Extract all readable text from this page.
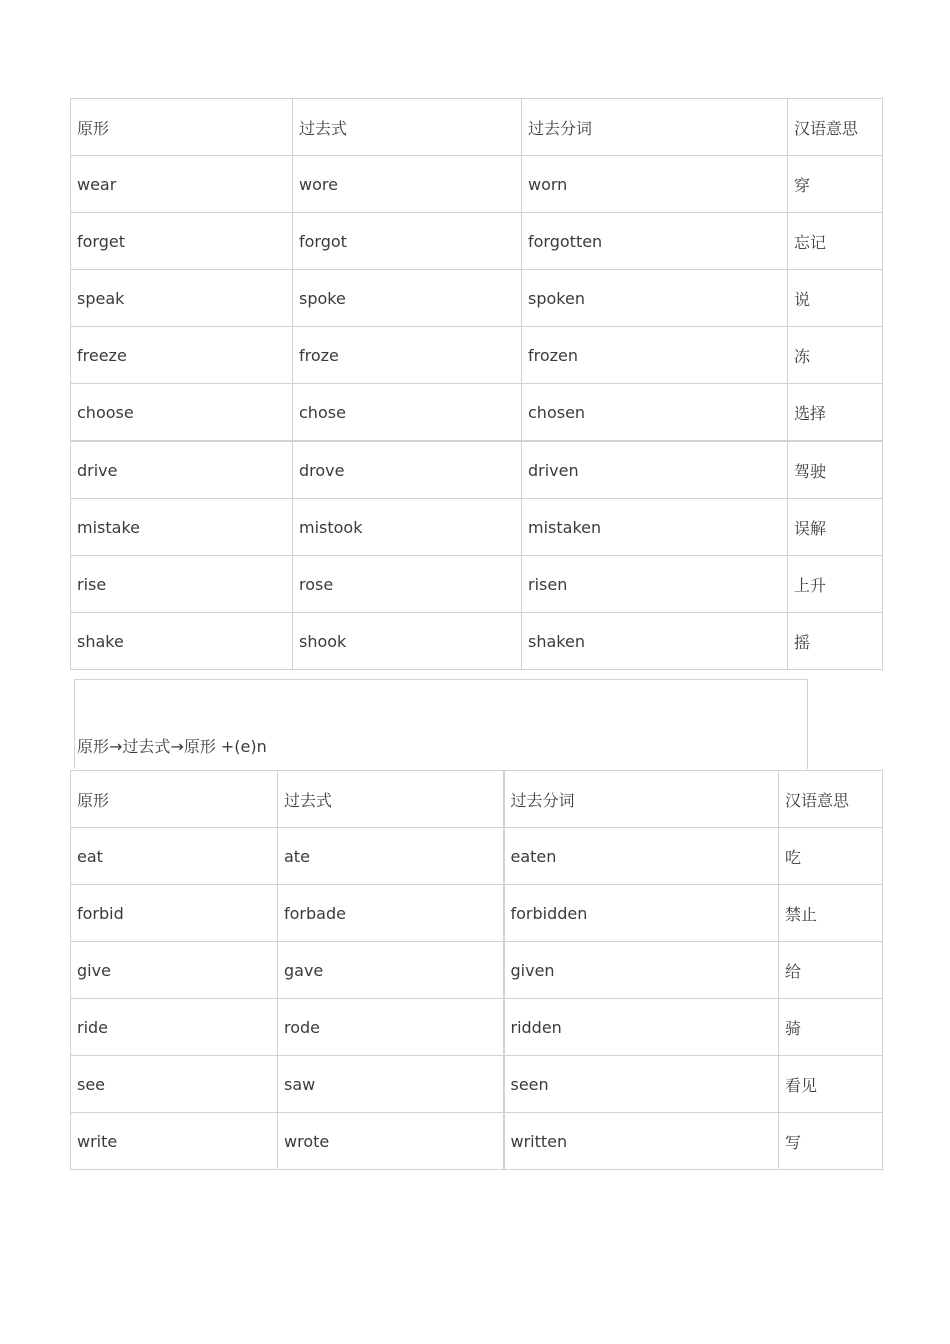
原形	过去式	过去分词	汉语意思
wear	wore	worn	穿
forget	forgot	forgotten	忘记
speak	spoke	spoken	说
freeze	froze	frozen	冻
choose	chose	chosen	选择
drive	drove	driven	驾驶
mistake	mistook	mistaken	误解
rise	rose	risen	上升
shake	shook	shaken	摇
原形→过去式→原形 +(e)n
原形	过去式	过去分词	汉语意思
eat	ate	eaten	吃
forbid	forbade	forbidden	禁止
give	gave	given	给
ride	rode	ridden	骑
see	saw	seen	看见
write	wrote	written	写
